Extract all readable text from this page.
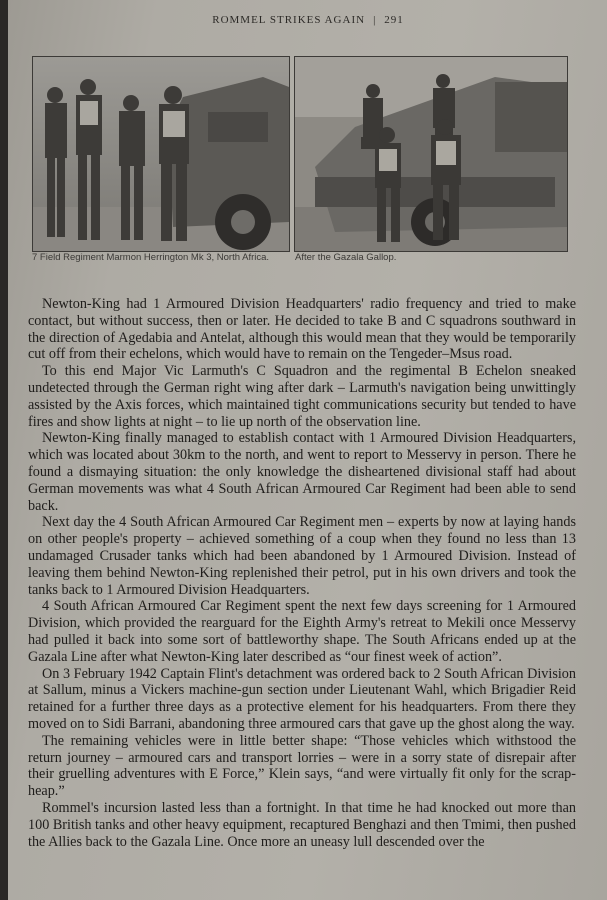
ROMMEL STRIKES AGAIN | 291
7 Field Regiment Marmon Herrington Mk 3, North Africa.	After the Gazala Gallop.

Newton-King had 1 Armoured Division Headquarters' radio frequency and tried to make contact, but without success, then or later. He decided to take B and C squadrons southward in the direction of Agedabia and Antelat, although this would mean that they would be temporarily cut off from their echelons, which would have to remain on the Tengeder–Msus road.

To this end Major Vic Larmuth's C Squadron and the regimental B Echelon sneaked undetected through the German right wing after dark – Larmuth's navigation being unwittingly assisted by the Axis forces, which maintained tight communications security but tended to have fires and show lights at night – to lie up north of the observation line.

Newton-King finally managed to establish contact with 1 Armoured Division Headquarters, which was located about 30km to the north, and went to report to Messervy in person. There he found a dismaying situation: the only knowledge the disheartened divisional staff had about German movements was what 4 South African Armoured Car Regiment had been able to send back.

Next day the 4 South African Armoured Car Regiment men – experts by now at laying hands on other people's property – achieved something of a coup when they found no less than 13 undamaged Crusader tanks which had been abandoned by 1 Armoured Division. Instead of leaving them behind Newton-King replenished their petrol, put in his own drivers and took the tanks back to 1 Armoured Division Headquarters.

4 South African Armoured Car Regiment spent the next few days screening for 1 Armoured Division, which provided the rearguard for the Eighth Army's retreat to Mekili once Messervy had pulled it back into some sort of battleworthy shape. The South Africans ended up at the Gazala Line after what Newton-King later described as “our finest week of action”.

On 3 February 1942 Captain Flint's detachment was ordered back to 2 South African Division at Sallum, minus a Vickers machine-gun section under Lieutenant Wahl, which Brigadier Reid retained for a further three days as a protective element for his headquarters. From there they moved on to Sidi Barrani, abandoning three armoured cars that gave up the ghost along the way.

The remaining vehicles were in little better shape: “Those vehicles which withstood the return journey – armoured cars and transport lorries – were in a sorry state of disrepair after their gruelling adventures with E Force,” Klein says, “and were virtually fit only for the scrap-heap.”

Rommel's incursion lasted less than a fortnight. In that time he had knocked out more than 100 British tanks and other heavy equipment, recaptured Benghazi and then Tmimi, then pushed the Allies back to the Gazala Line. Once more an uneasy lull descended over the
